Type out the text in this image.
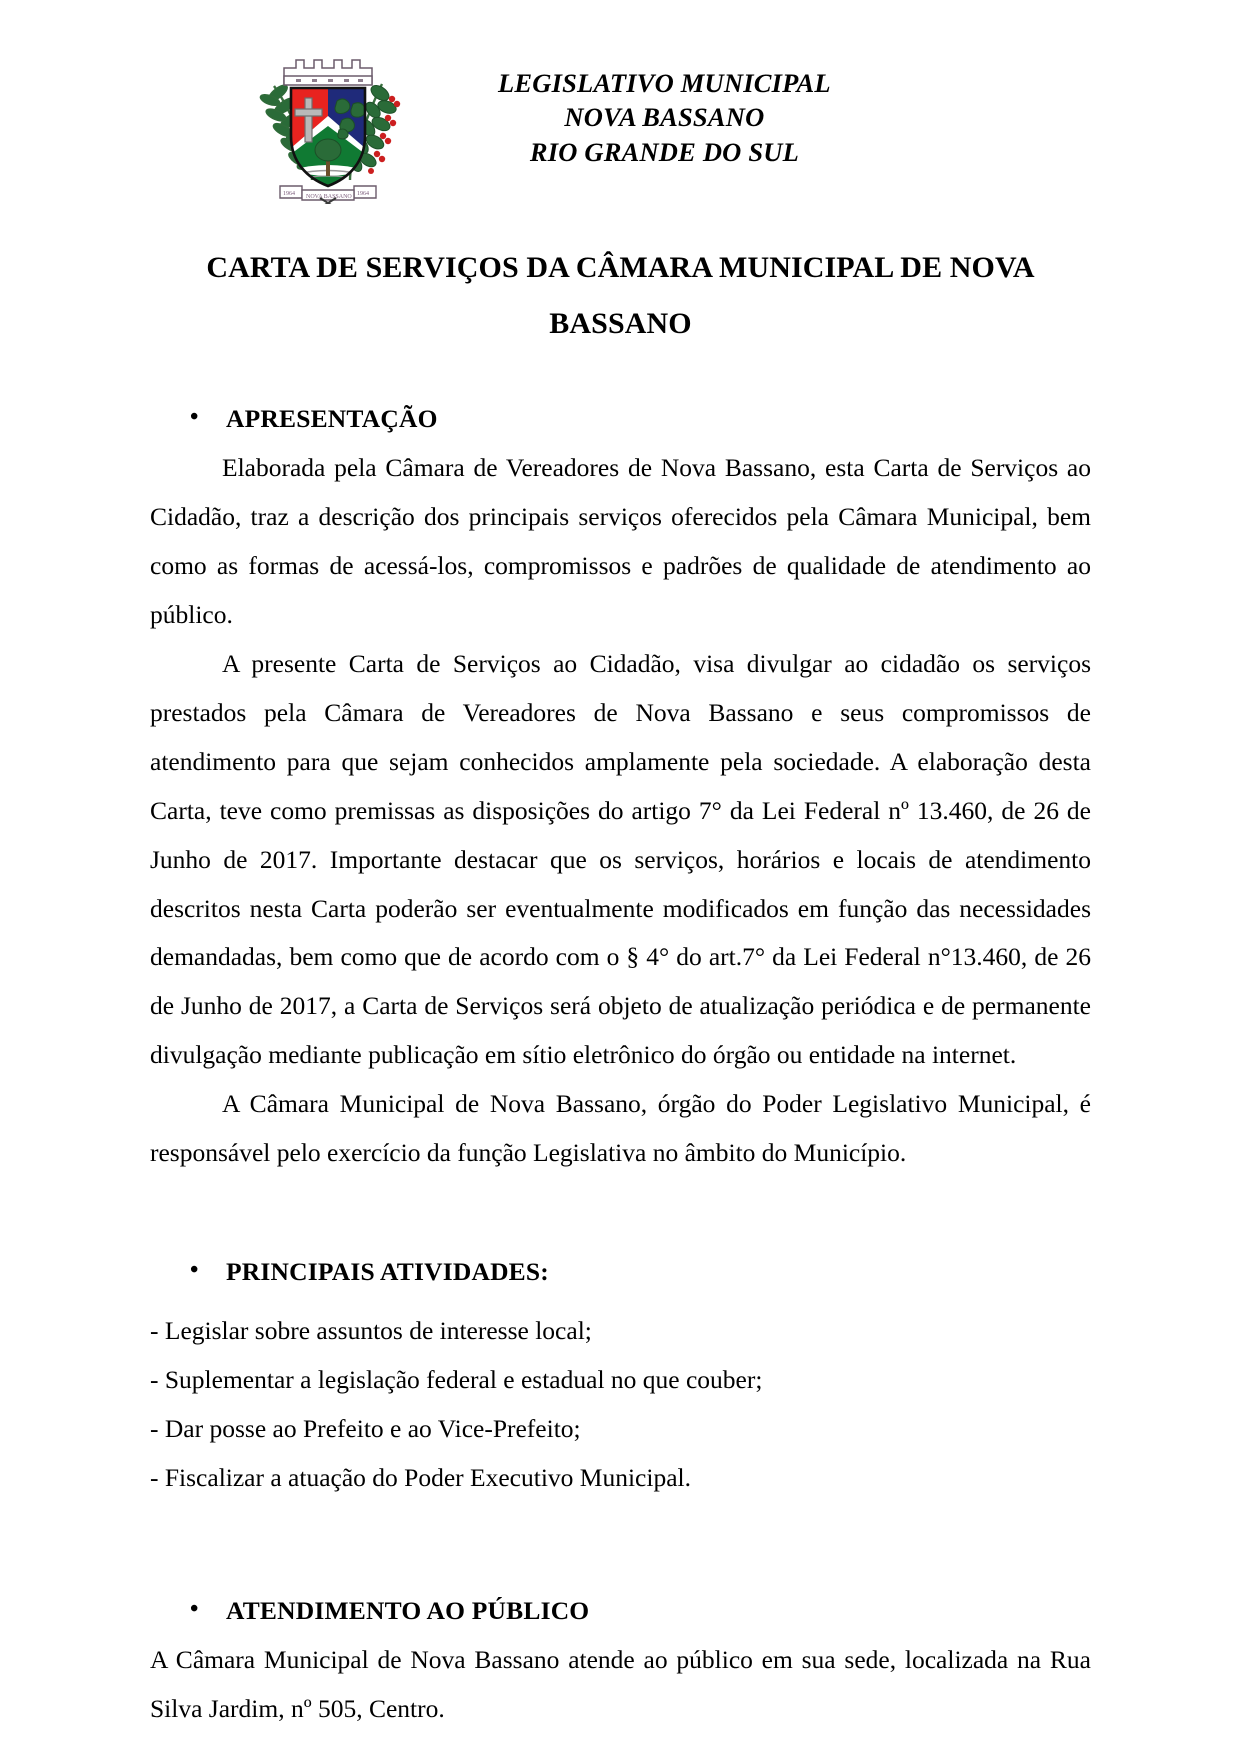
1964	1964
NOVA BASSANO
LEGISLATIVO MUNICIPAL
NOVA BASSANO
RIO GRANDE DO SUL
CARTA DE SERVIÇOS DA CÂMARA MUNICIPAL DE NOVA
BASSANO
• APRESENTAÇÃO

Elaborada pela Câmara de Vereadores de Nova Bassano, esta Carta de Serviços ao Cidadão, traz a descrição dos principais serviços oferecidos pela Câmara Municipal, bem como as formas de acessá-los, compromissos e padrões de qualidade de atendimento ao público.

A presente Carta de Serviços ao Cidadão, visa divulgar ao cidadão os serviços prestados pela Câmara de Vereadores de Nova Bassano e seus compromissos de atendimento para que sejam conhecidos amplamente pela sociedade. A elaboração desta Carta, teve como premissas as disposições do artigo 7° da Lei Federal nº 13.460, de 26 de Junho de 2017. Importante destacar que os serviços, horários e locais de atendimento descritos nesta Carta poderão ser eventualmente modificados em função das necessidades demandadas, bem como que de acordo com o § 4° do art.7° da Lei Federal n°13.460, de 26 de Junho de 2017, a Carta de Serviços será objeto de atualização periódica e de permanente divulgação mediante publicação em sítio eletrônico do órgão ou entidade na internet.

A Câmara Municipal de Nova Bassano, órgão do Poder Legislativo Municipal, é responsável pelo exercício da função Legislativa no âmbito do Município.

• PRINCIPAIS ATIVIDADES:
- Legislar sobre assuntos de interesse local;
- Suplementar a legislação federal e estadual no que couber;
- Dar posse ao Prefeito e ao Vice-Prefeito;
- Fiscalizar a atuação do Poder Executivo Municipal.
• ATENDIMENTO AO PÚBLICO

A Câmara Municipal de Nova Bassano atende ao público em sua sede, localizada na Rua Silva Jardim, nº 505, Centro.
